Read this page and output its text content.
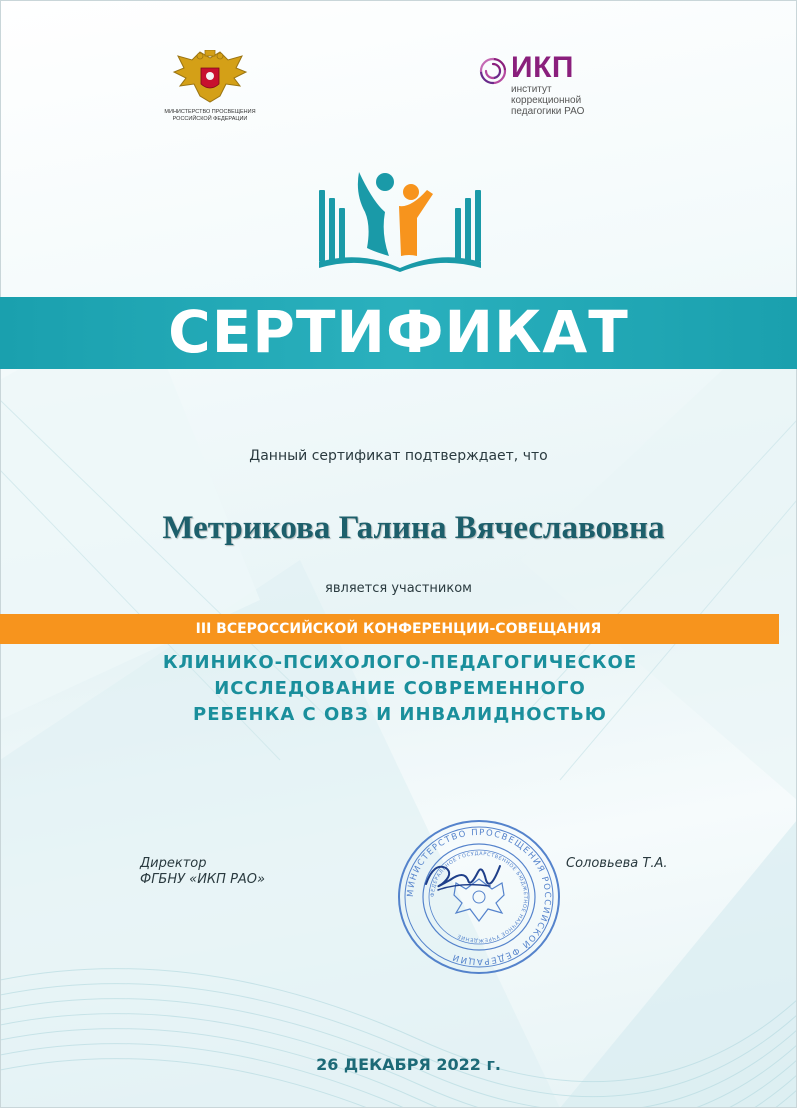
МИНИСТЕРСТВО ПРОСВЕЩЕНИЯ
РОССИЙСКОЙ ФЕДЕРАЦИИ
ИКП
институт
коррекционной
педагогики РАО
СЕРТИФИКАТ
Данный сертификат подтверждает, что
Метрикова Галина Вячеславовна
является участником
III ВСЕРОССИЙСКОЙ КОНФЕРЕНЦИИ-СОВЕЩАНИЯ
КЛИНИКО-ПСИХОЛОГО-ПЕДАГОГИЧЕСКОЕ
ИССЛЕДОВАНИЕ СОВРЕМЕННОГО
РЕБЕНКА С ОВЗ И ИНВАЛИДНОСТЬЮ
Директор
ФГБНУ «ИКП РАО»
МИНИСТЕРСТВО ПРОСВЕЩЕНИЯ РОССИЙСКОЙ ФЕДЕРАЦИИ
ФЕДЕРАЛЬНОЕ ГОСУДАРСТВЕННОЕ БЮДЖЕТНОЕ НАУЧНОЕ УЧРЕЖДЕНИЕ
Соловьева Т.А.
26 ДЕКАБРЯ 2022 г.
